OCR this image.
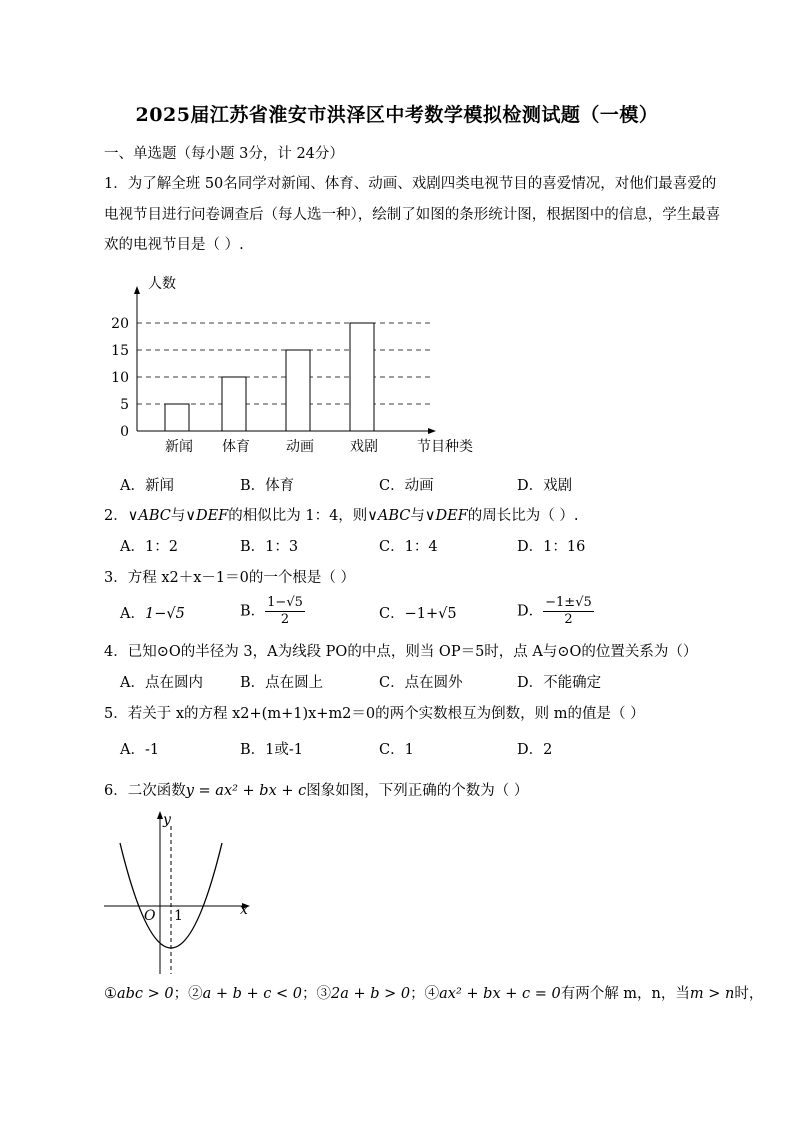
2025届江苏省淮安市洪泽区中考数学模拟检测试题（一模）
一、单选题（每小题 3分，计 24分）
1．为了解全班 50名同学对新闻、体育、动画、戏剧四类电视节目的喜爱情况，对他们最喜爱的
电视节目进行问卷调查后（每人选一种），绘制了如图的条形统计图，根据图中的信息，学生最喜
欢的电视节目是（ ）.
0
5
10
15
20
新闻 体育	动画	戏剧
人数
节目种类
A．新闻	B．体育	C．动画	D．戏剧
2．∨ABC与∨DEF的相似比为 1：4，则∨ABC与∨DEF的周长比为（ ）.
A．1：2	B．1：3	C．1：4	D．1：16
3．方程 x2＋x－1＝0的一个根是（ ）
A．1−√5	B． $\frac{1-√5}{2}$	C．−1+√5	D． $\frac{-1\pm√5}{2}$
4．已知⊙O的半径为 3，A为线段 PO的中点，则当 OP＝5时，点 A与⊙O的位置关系为（）
A．点在圆内	B．点在圆上	C．点在圆外	D．不能确定
5．若关于 x的方程 x2+(m+1)x+m2＝0的两个实数根互为倒数，则 m的值是（ ）
A．-1	B．1或-1	C．1	D．2
6．二次函数y = ax² + bx + c图象如图，下列正确的个数为（ ）
y
x
O 1
①abc > 0；②a + b + c < 0；③2a + b > 0；④ax² + bx + c = 0有两个解 m，n，当m > n时，
